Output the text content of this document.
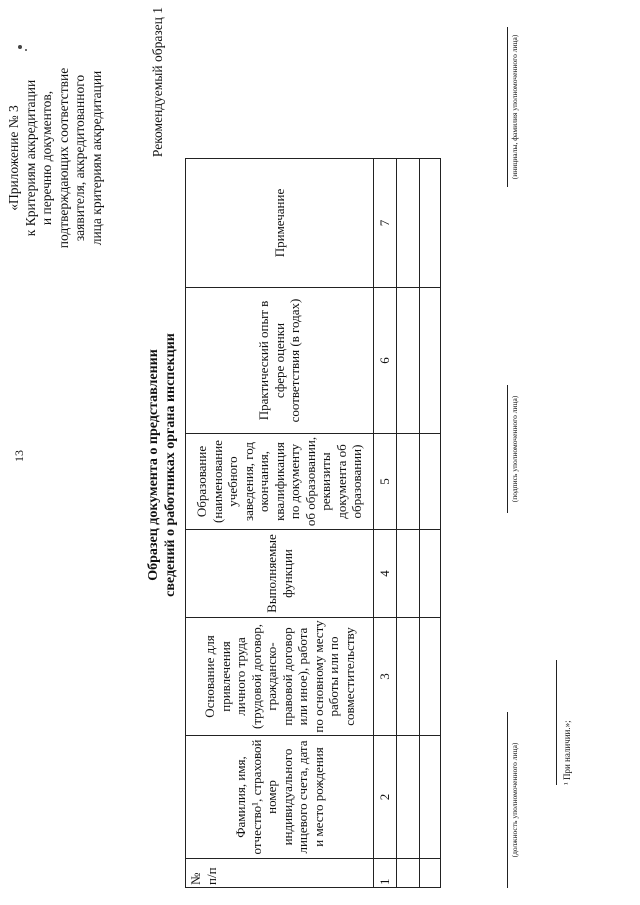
13
«Приложение № 3 к Критериям аккредитации и перечню документов, подтверждающих соответствие заявителя, аккредитованного лица критериям аккредитации	Рекомендуемый образец 1
Образец документа о представлении сведений о работниках органа инспекции
№ п/п	Фамилия, имя, отчество¹, страховой номер индивидуального лицевого счета, дата и место рождения	Основание для привлечения личного труда (трудовой договор, гражданско-правовой договор или иное), работа по основному месту работы или по совместительству	Выполняемые функции	Образование (наименование учебного заведения, год окончания, квалификация по документу об образовании, реквизиты документа об образовании)	Практический опыт в сфере оценки соответствия (в годах)	Примечание

1	2	3	4	5	6	7

(должность уполномоченного лица)
(подпись уполномоченного лица)
(инициалы, фамилия уполномоченного лица)
¹ При наличии.»;
